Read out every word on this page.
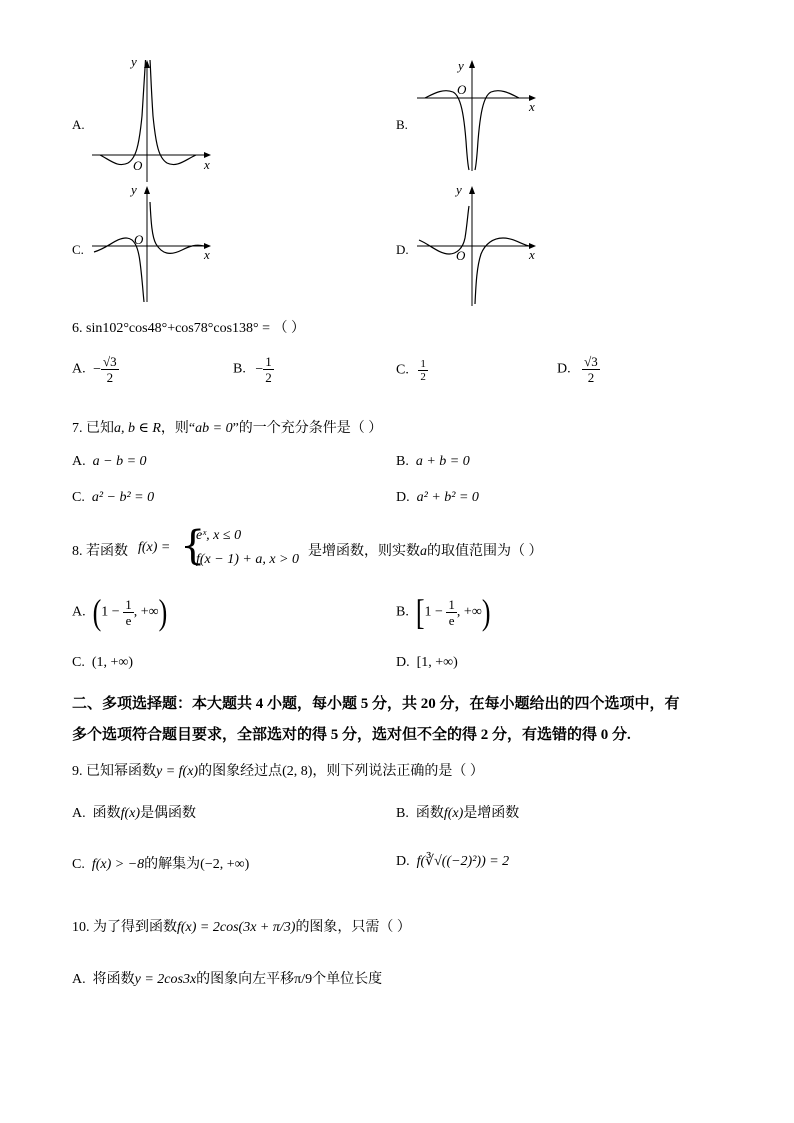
A.
y
x
O
B.
y
x
O
C.
y
x
O
D.
y
x
O
6. sin102°cos48°+cos78°cos138° = （ ）
A. − $\frac{√3}{2}$	B. − $\frac{1}{2}$	C. $\frac{1}{2}$	D. $\frac{√3}{2}$
7. 已知a, b ∈ R，则“ab = 0”的一个充分条件是（ ）
A. a − b = 0	B. a + b = 0
C. a² − b² = 0	D. a² + b² = 0
8. 若函数 f(x) = {
eˣ, x ≤ 0
f(x − 1) + a, x > 0
是增函数，则实数a的取值范围为（ ）
A. ($1 - \frac{1}{e}$ , +∞)	B. [$1 - \frac{1}{e}$ , +∞)
C. (1, +∞)	D. [1, +∞)
二、多项选择题：本大题共 4 小题，每小题 5 分，共 20 分，在每小题给出的四个选项中，有
多个选项符合题目要求，全部选对的得 5 分，选对但不全的得 2 分，有选错的得 0 分.
9. 已知幂函数y = f(x)的图象经过点(2, 8)，则下列说法正确的是（ ）
A. 函数f(x)是偶函数	B. 函数f(x)是增函数
C. f(x) > −8的解集为(−2, +∞)	D. f(∛√((−2)²)) = 2
10. 为了得到函数f(x) = 2cos(3x + π/3)的图象，只需（ ）
A. 将函数y = 2cos3x的图象向左平移π/9个单位长度
